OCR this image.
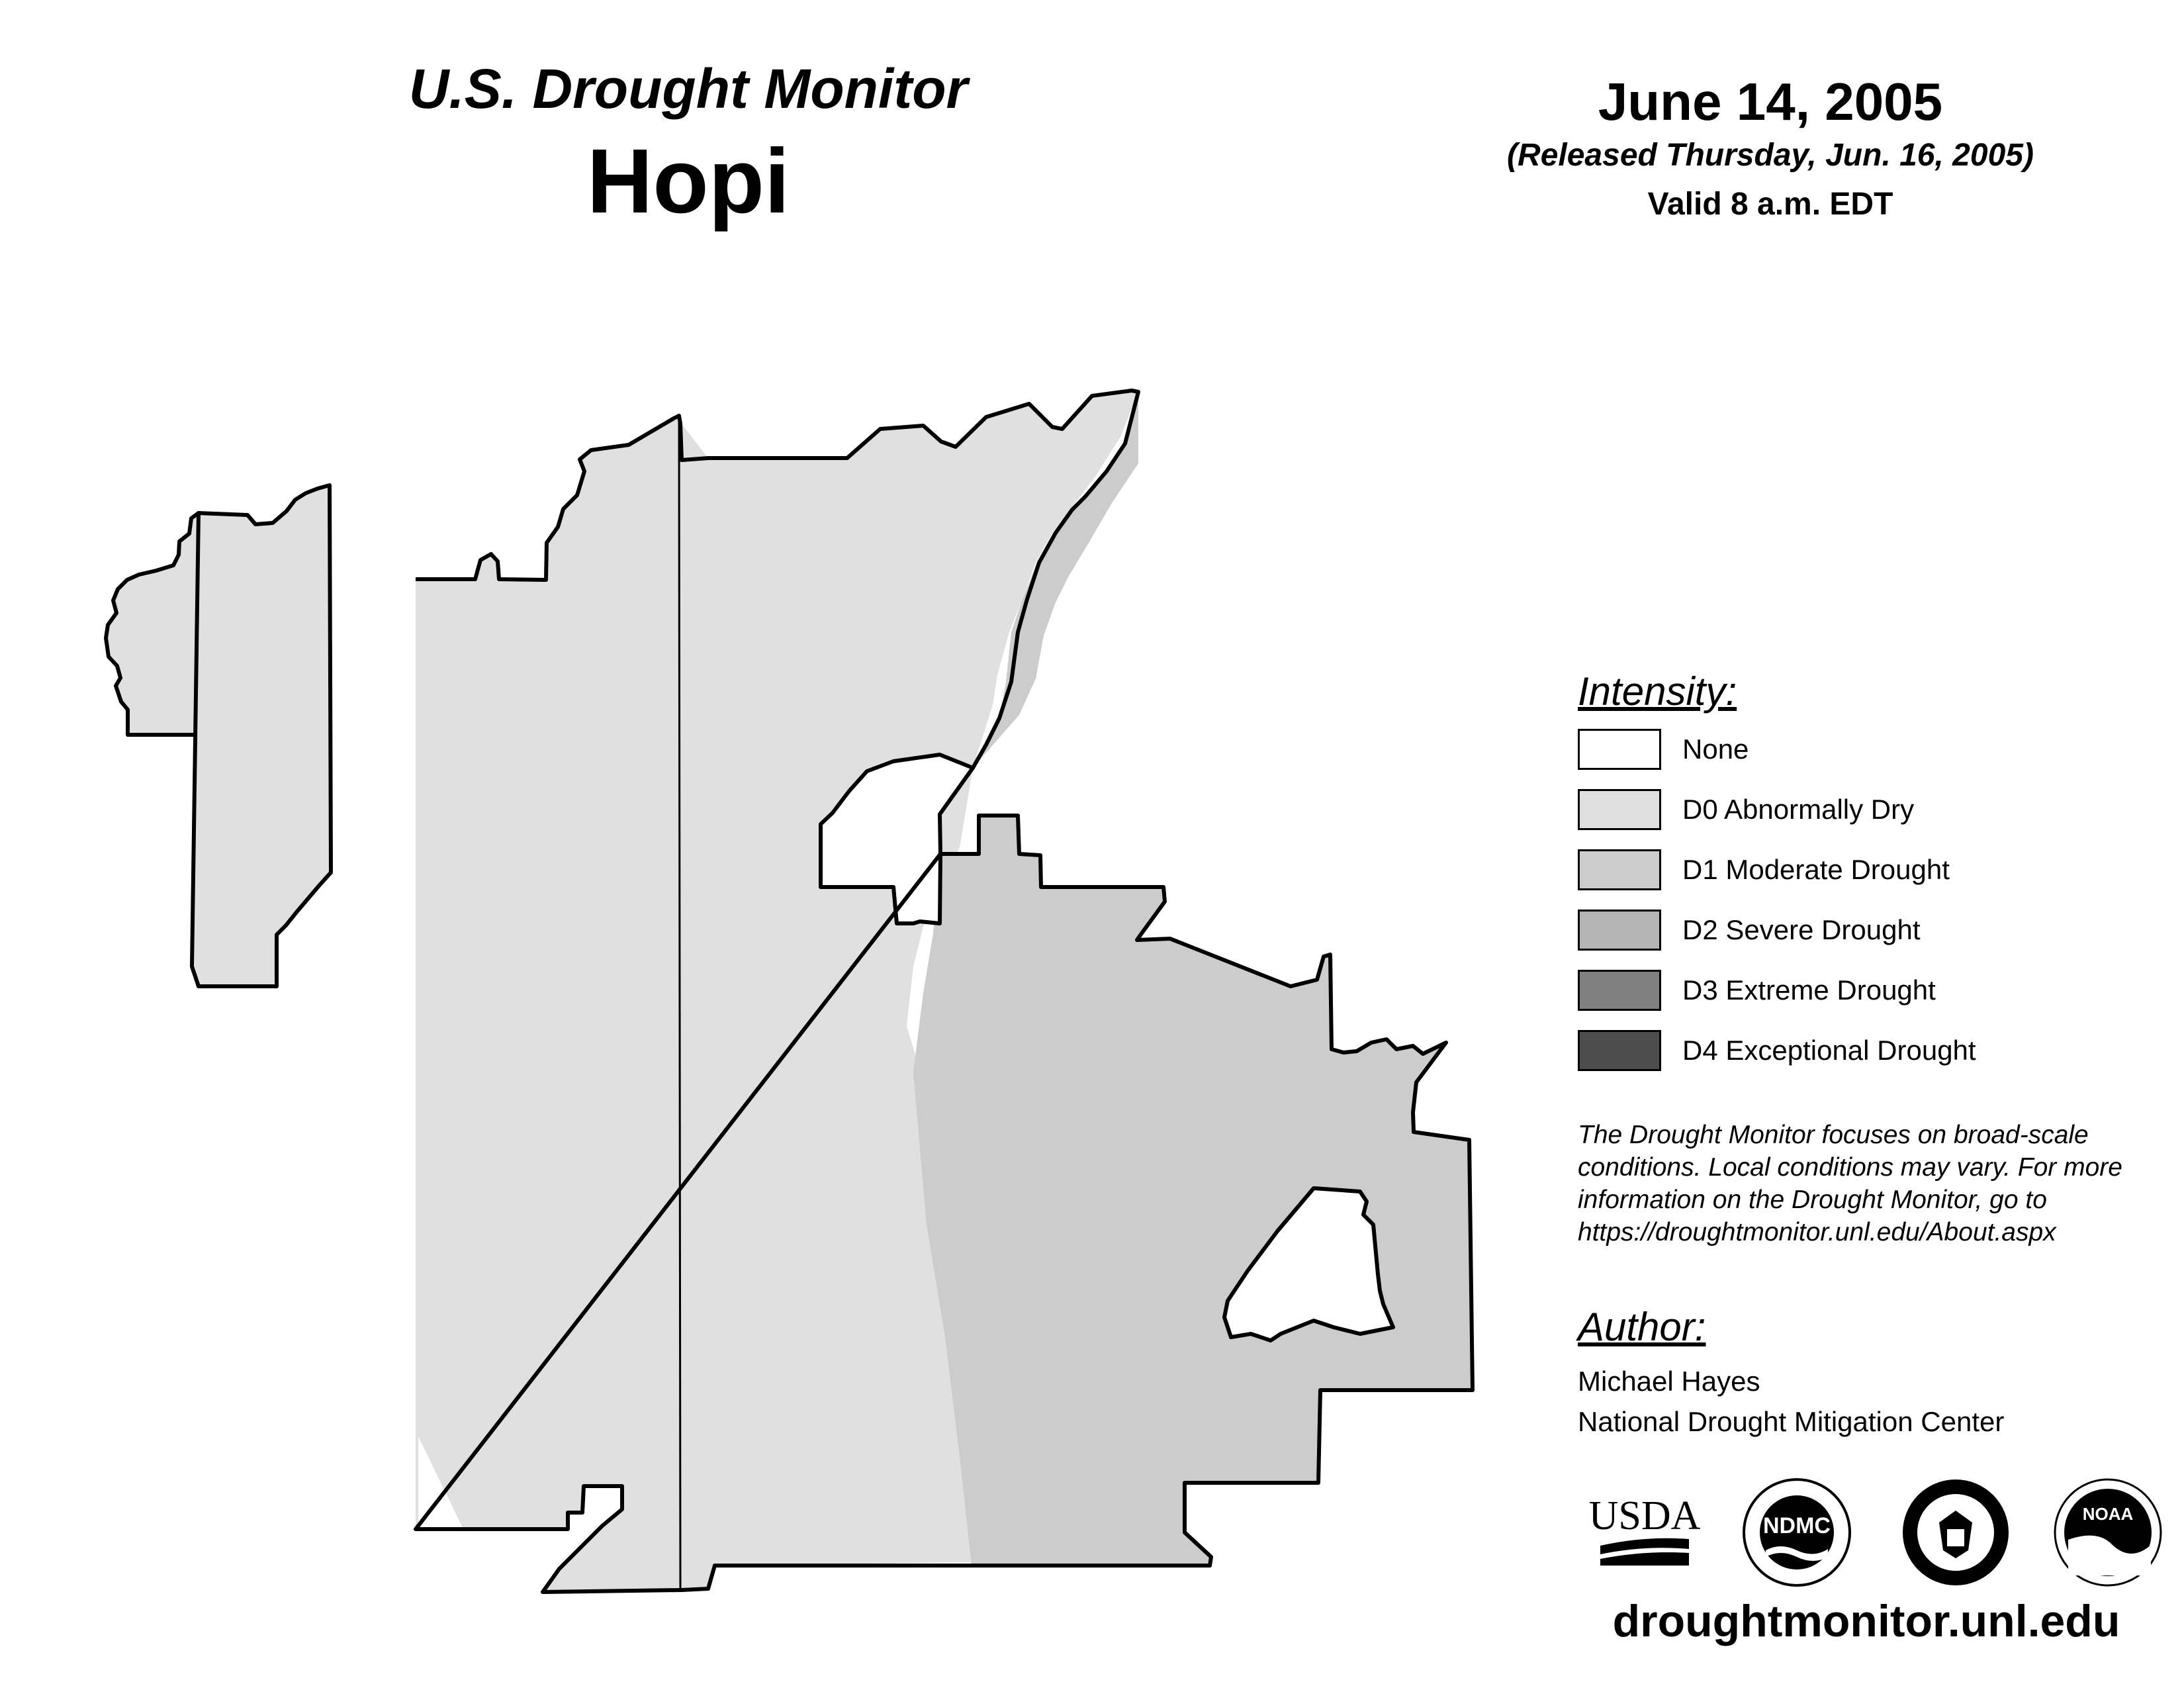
U.S. Drought Monitor
Hopi
June 14, 2005
(Released Thursday, Jun. 16, 2005)
Valid 8 a.m. EDT
Intensity:
None
D0 Abnormally Dry
D1 Moderate Drought
D2 Severe Drought
D3 Extreme Drought
D4 Exceptional Drought
The Drought Monitor focuses on broad-scale conditions. Local conditions may vary. For more information on the Drought Monitor, go to https://droughtmonitor.unl.edu/About.aspx
Author:
Michael Hayes
National Drought Mitigation Center
USDA	NDMC	NOAA
droughtmonitor.unl.edu
